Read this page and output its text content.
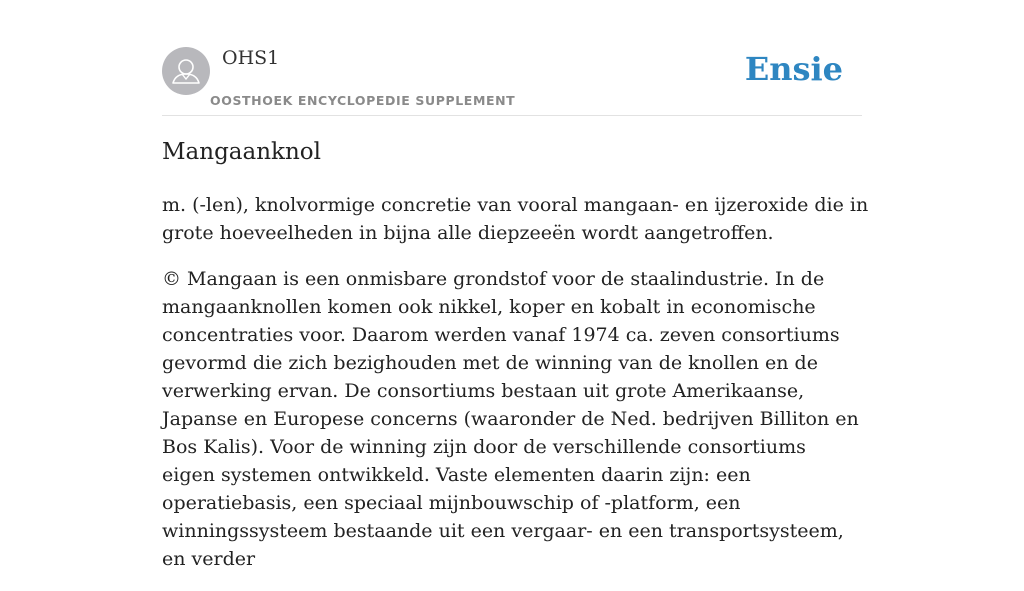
OHS1
OOSTHOEK ENCYCLOPEDIE SUPPLEMENT
Ensie
Mangaanknol

m. (-len), knolvormige concretie van vooral mangaan- en ijzeroxide die in grote hoeveelheden in bijna alle diepzeeën wordt aangetroffen.

© Mangaan is een onmisbare grondstof voor de staalindustrie. In de mangaanknollen komen ook nikkel, koper en kobalt in economische concentraties voor. Daarom werden vanaf 1974 ca. zeven consortiums gevormd die zich bezighouden met de winning van de knollen en de verwerking ervan. De consortiums bestaan uit grote Amerikaanse, Japanse en Europese concerns (waaronder de Ned. bedrijven Billiton en Bos Kalis). Voor de winning zijn door de verschillende consortiums eigen systemen ontwikkeld. Vaste elementen daarin zijn: een operatiebasis, een speciaal mijnbouwschip of -platform, een winningssysteem bestaande uit een vergaar- en een transportsysteem, en verder
